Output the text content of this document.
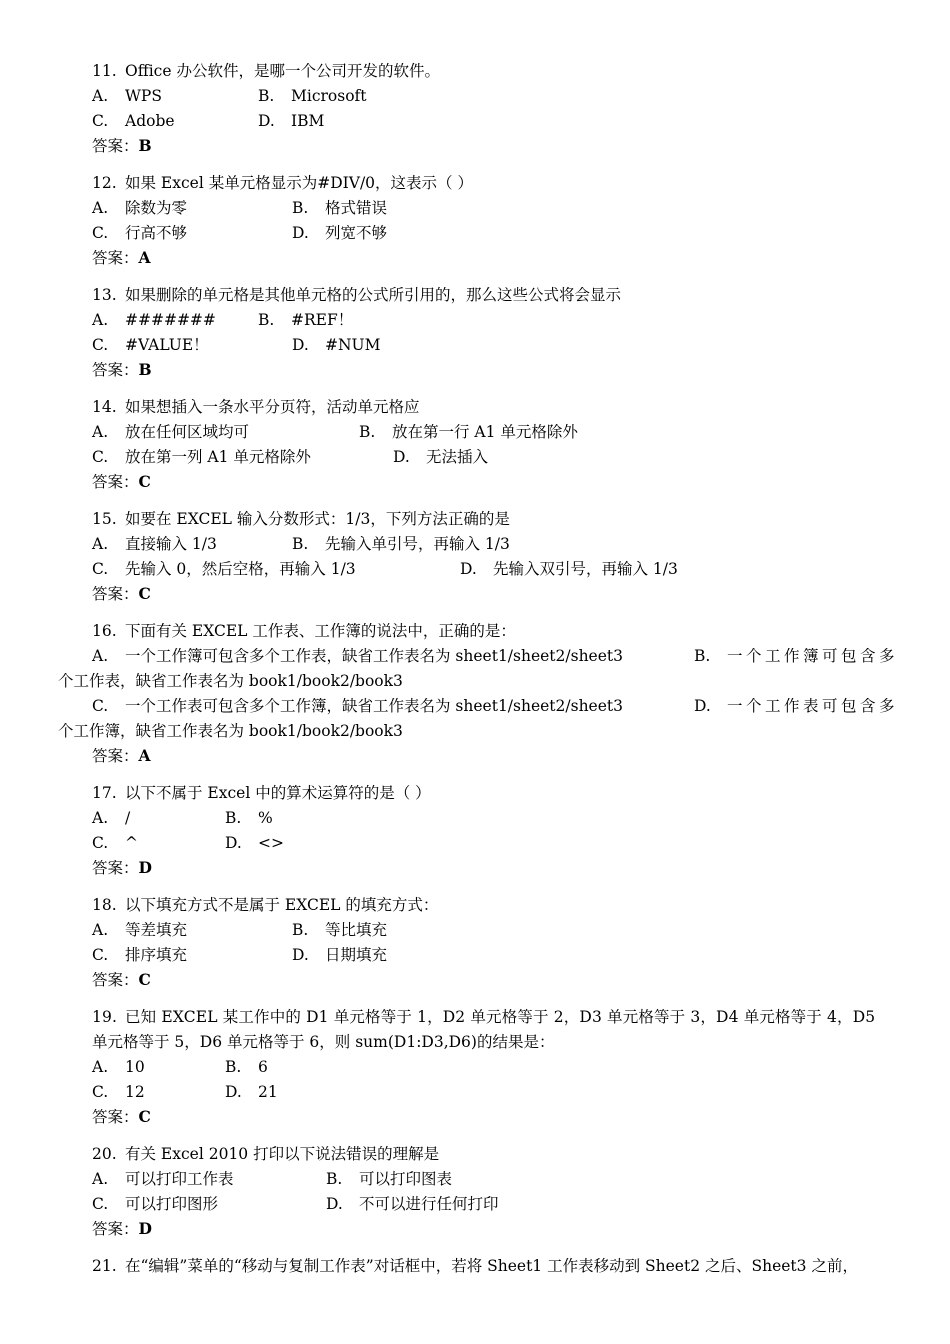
11. Office 办公软件，是哪一个公司开发的软件。
A. WPS	B. Microsoft
C. Adobe	D. IBM
答案：B
12. 如果 Excel 某单元格显示为#DIV/0，这表示（ ）
A. 除数为零	B. 格式错误
C. 行高不够	D. 列宽不够
答案：A
13. 如果删除的单元格是其他单元格的公式所引用的，那么这些公式将会显示
A. #######	B. #REF！
C. #VALUE！	D. #NUM
答案：B
14. 如果想插入一条水平分页符，活动单元格应
A. 放在任何区域均可	B. 放在第一行 A1 单元格除外
C. 放在第一列 A1 单元格除外	D. 无法插入
答案：C
15. 如要在 EXCEL 输入分数形式：1/3，下列方法正确的是
A. 直接输入 1/3	B. 先输入单引号，再输入 1/3
C. 先输入 0，然后空格，再输入 1/3	D. 先输入双引号，再输入 1/3
答案：C
16. 下面有关 EXCEL 工作表、工作簿的说法中，正确的是：
A. 一个工作簿可包含多个工作表，缺省工作表名为 sheet1/sheet2/sheet3	B. 一个工作簿可包含多
个工作表，缺省工作表名为 book1/book2/book3
C. 一个工作表可包含多个工作簿，缺省工作表名为 sheet1/sheet2/sheet3	D. 一个工作表可包含多
个工作簿，缺省工作表名为 book1/book2/book3
答案：A
17. 以下不属于 Excel 中的算术运算符的是（ ）
A. /	B. %
C. ^	D. <>
答案：D
18. 以下填充方式不是属于 EXCEL 的填充方式：
A. 等差填充	B. 等比填充
C. 排序填充	D. 日期填充
答案：C
19. 已知 EXCEL 某工作中的 D1 单元格等于 1，D2 单元格等于 2，D3 单元格等于 3，D4 单元格等于 4，D5
单元格等于 5，D6 单元格等于 6，则 sum(D1:D3,D6)的结果是：
A. 10	B. 6
C. 12	D. 21
答案：C
20. 有关 Excel 2010 打印以下说法错误的理解是
A. 可以打印工作表	B. 可以打印图表
C. 可以打印图形	D. 不可以进行任何打印
答案：D
21. 在“编辑”菜单的“移动与复制工作表”对话框中，若将 Sheet1 工作表移动到 Sheet2 之后、Sheet3 之前，
